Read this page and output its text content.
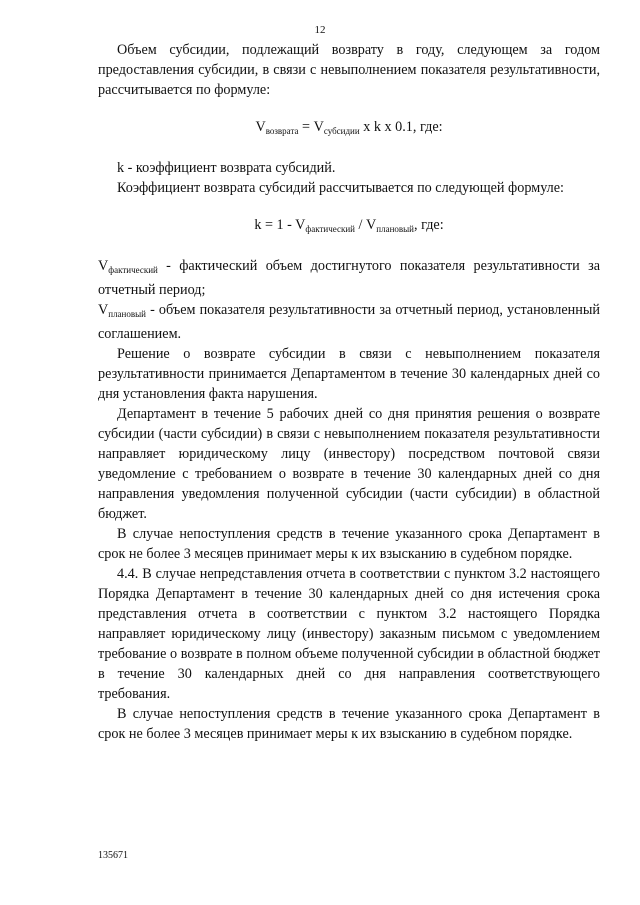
12

Объем субсидии, подлежащий возврату в году, следующем за годом предоставления субсидии, в связи с невыполнением показателя результативности, рассчитывается по формуле:

$V_{возврата} = V_{субсидии}$ x k x 0.1, где:

k - коэффициент возврата субсидий.

Коэффициент возврата субсидий рассчитывается по следующей формуле:

$k = 1 - V_{фактический} / V_{плановый}$, где:

$V_{фактический}$ - фактический объем достигнутого показателя результативности за отчетный период;

$V_{плановый}$ - объем показателя результативности за отчетный период, установленный соглашением.

Решение о возврате субсидии в связи с невыполнением показателя результативности принимается Департаментом в течение 30 календарных дней со дня установления факта нарушения.

Департамент в течение 5 рабочих дней со дня принятия решения о возврате субсидии (части субсидии) в связи с невыполнением показателя результативности направляет юридическому лицу (инвестору) посредством почтовой связи уведомление с требованием о возврате в течение 30 календарных дней со дня направления уведомления полученной субсидии (части субсидии) в областной бюджет.

В случае непоступления средств в течение указанного срока Департамент в срок не более 3 месяцев принимает меры к их взысканию в судебном порядке.

4.4. В случае непредставления отчета в соответствии с пунктом 3.2 настоящего Порядка Департамент в течение 30 календарных дней со дня истечения срока представления отчета в соответствии с пунктом 3.2 настоящего Порядка направляет юридическому лицу (инвестору) заказным письмом с уведомлением требование о возврате в полном объеме полученной субсидии в областной бюджет в течение 30 календарных дней со дня направления соответствующего требования.

В случае непоступления средств в течение указанного срока Департамент в срок не более 3 месяцев принимает меры к их взысканию в судебном порядке.

135671
